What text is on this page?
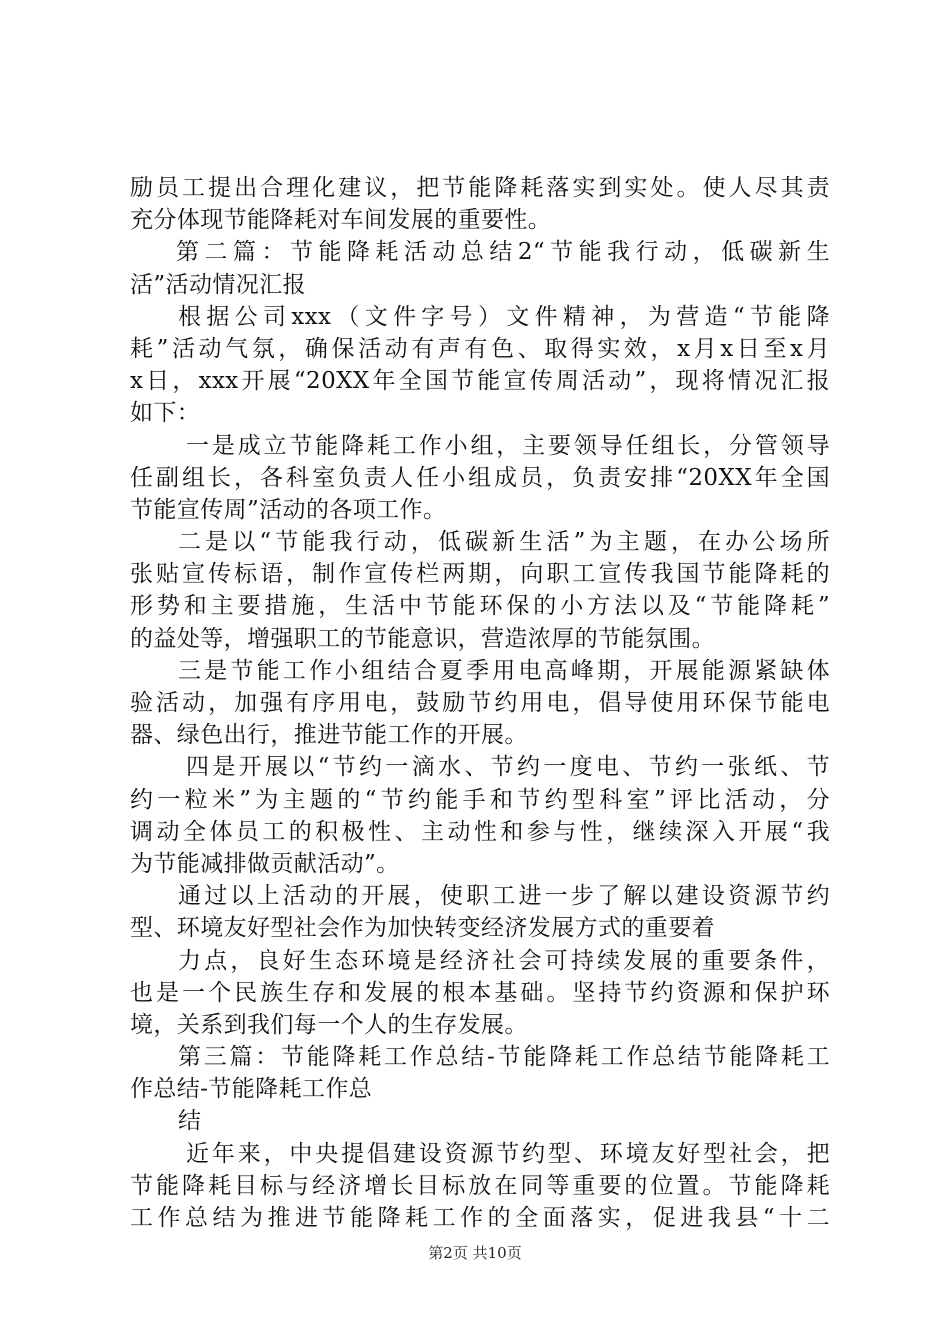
励员工提出合理化建议，把节能降耗落实到实处。使人尽其责
充分体现节能降耗对车间发展的重要性。
第二篇：节能降耗活动总结2“节能我行动，低碳新生
活”活动情况汇报
根据公司xxx（文件字号）文件精神，为营造“节能降
耗”活动气氛，确保活动有声有色、取得实效，x月x日至x月
x日，xxx开展“20XX年全国节能宣传周活动”，现将情况汇报
如下：
一是成立节能降耗工作小组，主要领导任组长，分管领导
任副组长，各科室负责人任小组成员，负责安排“20XX年全国
节能宣传周”活动的各项工作。
二是以“节能我行动，低碳新生活”为主题，在办公场所
张贴宣传标语，制作宣传栏两期，向职工宣传我国节能降耗的
形势和主要措施，生活中节能环保的小方法以及“节能降耗”
的益处等，增强职工的节能意识，营造浓厚的节能氛围。
三是节能工作小组结合夏季用电高峰期，开展能源紧缺体
验活动，加强有序用电，鼓励节约用电，倡导使用环保节能电
器、绿色出行，推进节能工作的开展。
四是开展以“节约一滴水、节约一度电、节约一张纸、节
约一粒米”为主题的“节约能手和节约型科室”评比活动，分
调动全体员工的积极性、主动性和参与性，继续深入开展“我
为节能减排做贡献活动”。
通过以上活动的开展，使职工进一步了解以建设资源节约
型、环境友好型社会作为加快转变经济发展方式的重要着
力点，良好生态环境是经济社会可持续发展的重要条件，
也是一个民族生存和发展的根本基础。坚持节约资源和保护环
境，关系到我们每一个人的生存发展。
第三篇：节能降耗工作总结-节能降耗工作总结节能降耗工
作总结-节能降耗工作总
结
近年来，中央提倡建设资源节约型、环境友好型社会，把
节能降耗目标与经济增长目标放在同等重要的位置。节能降耗
工作总结为推进节能降耗工作的全面落实，促进我县“十二
第2页 共10页
